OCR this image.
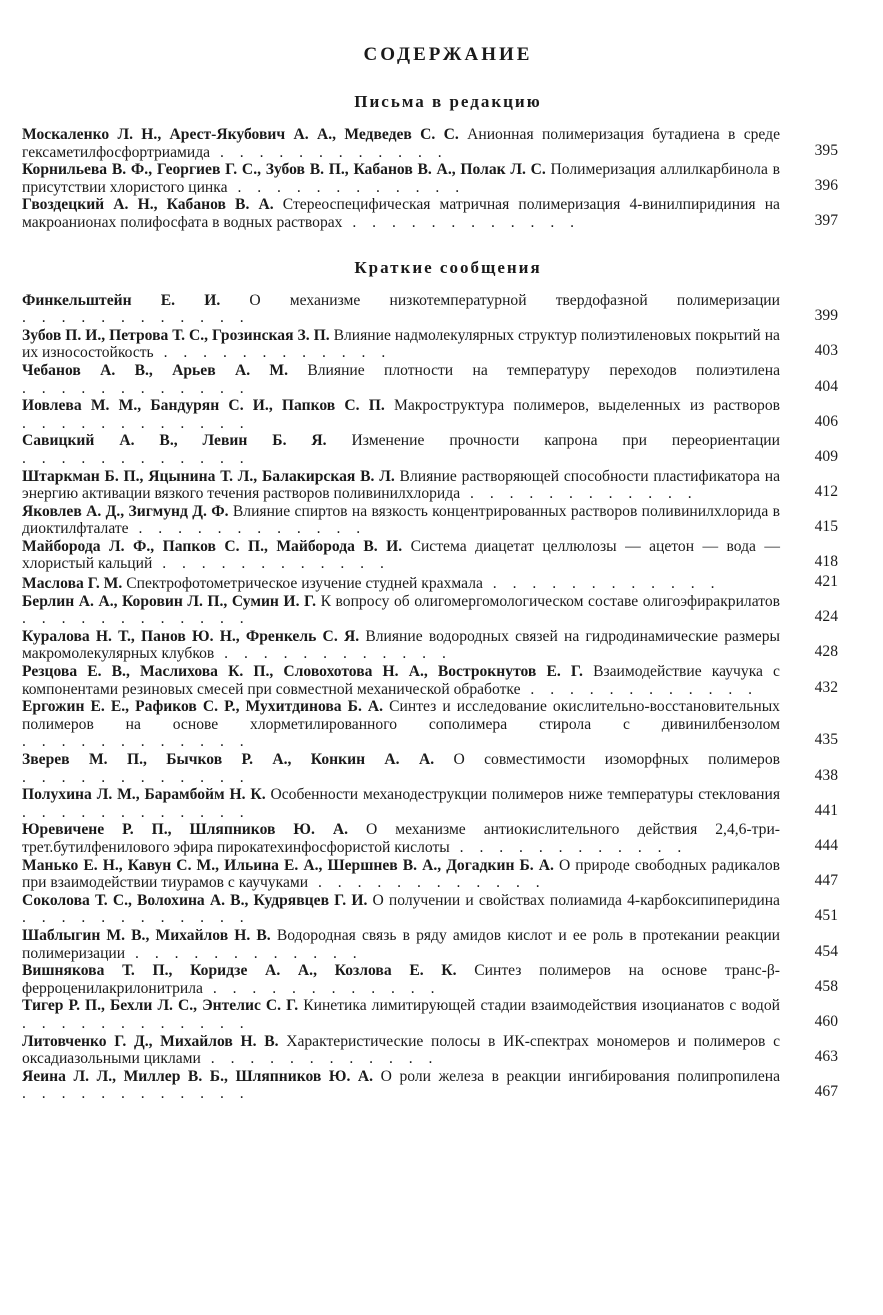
СОДЕРЖАНИЕ
Письма в редакцию
Москаленко Л. Н., Арест-Якубович А. А., Медведев С. С. Анионная полимеризация бутадиена в среде гексаметилфосфортриамида . . . . . . . . . . . .	395
Корнильева В. Ф., Георгиев Г. С., Зубов В. П., Кабанов В. А., Полак Л. С. Полимеризация аллилкарбинола в присутствии хлористого цинка . . . . . . . . . . . .	396
Гвоздецкий А. Н., Кабанов В. А. Стереоспецифическая матричная полимеризация 4-винилпиридиния на макроанионах полифосфата в водных растворах . . . . . . . . . . . .	397
Краткие сообщения
Финкельштейн Е. И. О механизме низкотемпературной твердофазной полимеризации . . . . . . . . . . . .	399
Зубов П. И., Петрова Т. С., Грозинская З. П. Влияние надмолекулярных структур полиэтиленовых покрытий на их износостойкость . . . . . . . . . . . .	403
Чебанов А. В., Арьев А. М. Влияние плотности на температуру переходов полиэтилена . . . . . . . . . . . .	404
Иовлева М. М., Бандурян С. И., Папков С. П. Макроструктура полимеров, выделенных из растворов . . . . . . . . . . . .	406
Савицкий А. В., Левин Б. Я. Изменение прочности капрона при переориентации . . . . . . . . . . . .	409
Штаркман Б. П., Яцынина Т. Л., Балакирская В. Л. Влияние растворяющей способности пластификатора на энергию активации вязкого течения растворов поливинилхлорида . . . . . . . . . . . .	412
Яковлев А. Д., Зигмунд Д. Ф. Влияние спиртов на вязкость концентрированных растворов поливинилхлорида в диоктилфталате . . . . . . . . . . . .	415
Майборода Л. Ф., Папков С. П., Майборода В. И. Система диацетат целлюлозы — ацетон — вода — хлористый кальций . . . . . . . . . . . .	418
Маслова Г. М. Спектрофотометрическое изучение студней крахмала . . . . . . . . . . . .	421
Берлин А. А., Коровин Л. П., Сумин И. Г. К вопросу об олигомергомологическом составе олигоэфиракрилатов . . . . . . . . . . . .	424
Куралова Н. Т., Панов Ю. Н., Френкель С. Я. Влияние водородных связей на гидродинамические размеры макромолекулярных клубков . . . . . . . . . . . .	428
Резцова Е. В., Маслихова К. П., Словохотова Н. А., Вострокнутов Е. Г. Взаимодействие каучука с компонентами резиновых смесей при совместной механической обработке . . . . . . . . . . . .	432
Ергожин Е. Е., Рафиков С. Р., Мухитдинова Б. А. Синтез и исследование окислительно-восстановительных полимеров на основе хлорметилированного сополимера стирола с дивинилбензолом . . . . . . . . . . . .	435
Зверев М. П., Бычков Р. А., Конкин А. А. О совместимости изоморфных полимеров . . . . . . . . . . . .	438
Полухина Л. М., Барамбойм Н. К. Особенности механодеструкции полимеров ниже температуры стеклования . . . . . . . . . . . .	441
Юревичене Р. П., Шляпников Ю. А. О механизме антиокислительного действия 2,4,6-три-трет.бутилфенилового эфира пирокатехинфосфористой кислоты . . . . . . . . . . . .	444
Манько Е. Н., Кавун С. М., Ильина Е. А., Шершнев В. А., Догадкин Б. А. О природе свободных радикалов при взаимодействии тиурамов с каучуками . . . . . . . . . . . .	447
Соколова Т. С., Волохина А. В., Кудрявцев Г. И. О получении и свойствах полиамида 4-карбоксипиперидина . . . . . . . . . . . .	451
Шаблыгин М. В., Михайлов Н. В. Водородная связь в ряду амидов кислот и ее роль в протекании реакции полимеризации . . . . . . . . . . . .	454
Вишнякова Т. П., Коридзе А. А., Козлова Е. К. Синтез полимеров на основе транс-β-ферроценилакрилонитрила . . . . . . . . . . . .	458
Тигер Р. П., Бехли Л. С., Энтелис С. Г. Кинетика лимитирующей стадии взаимодействия изоцианатов с водой . . . . . . . . . . . .	460
Литовченко Г. Д., Михайлов Н. В. Характеристические полосы в ИК-спектрах мономеров и полимеров с оксадиазольными циклами . . . . . . . . . . . .	463
Яеина Л. Л., Миллер В. Б., Шляпников Ю. А. О роли железа в реакции ингибирования полипропилена . . . . . . . . . . . .	467
